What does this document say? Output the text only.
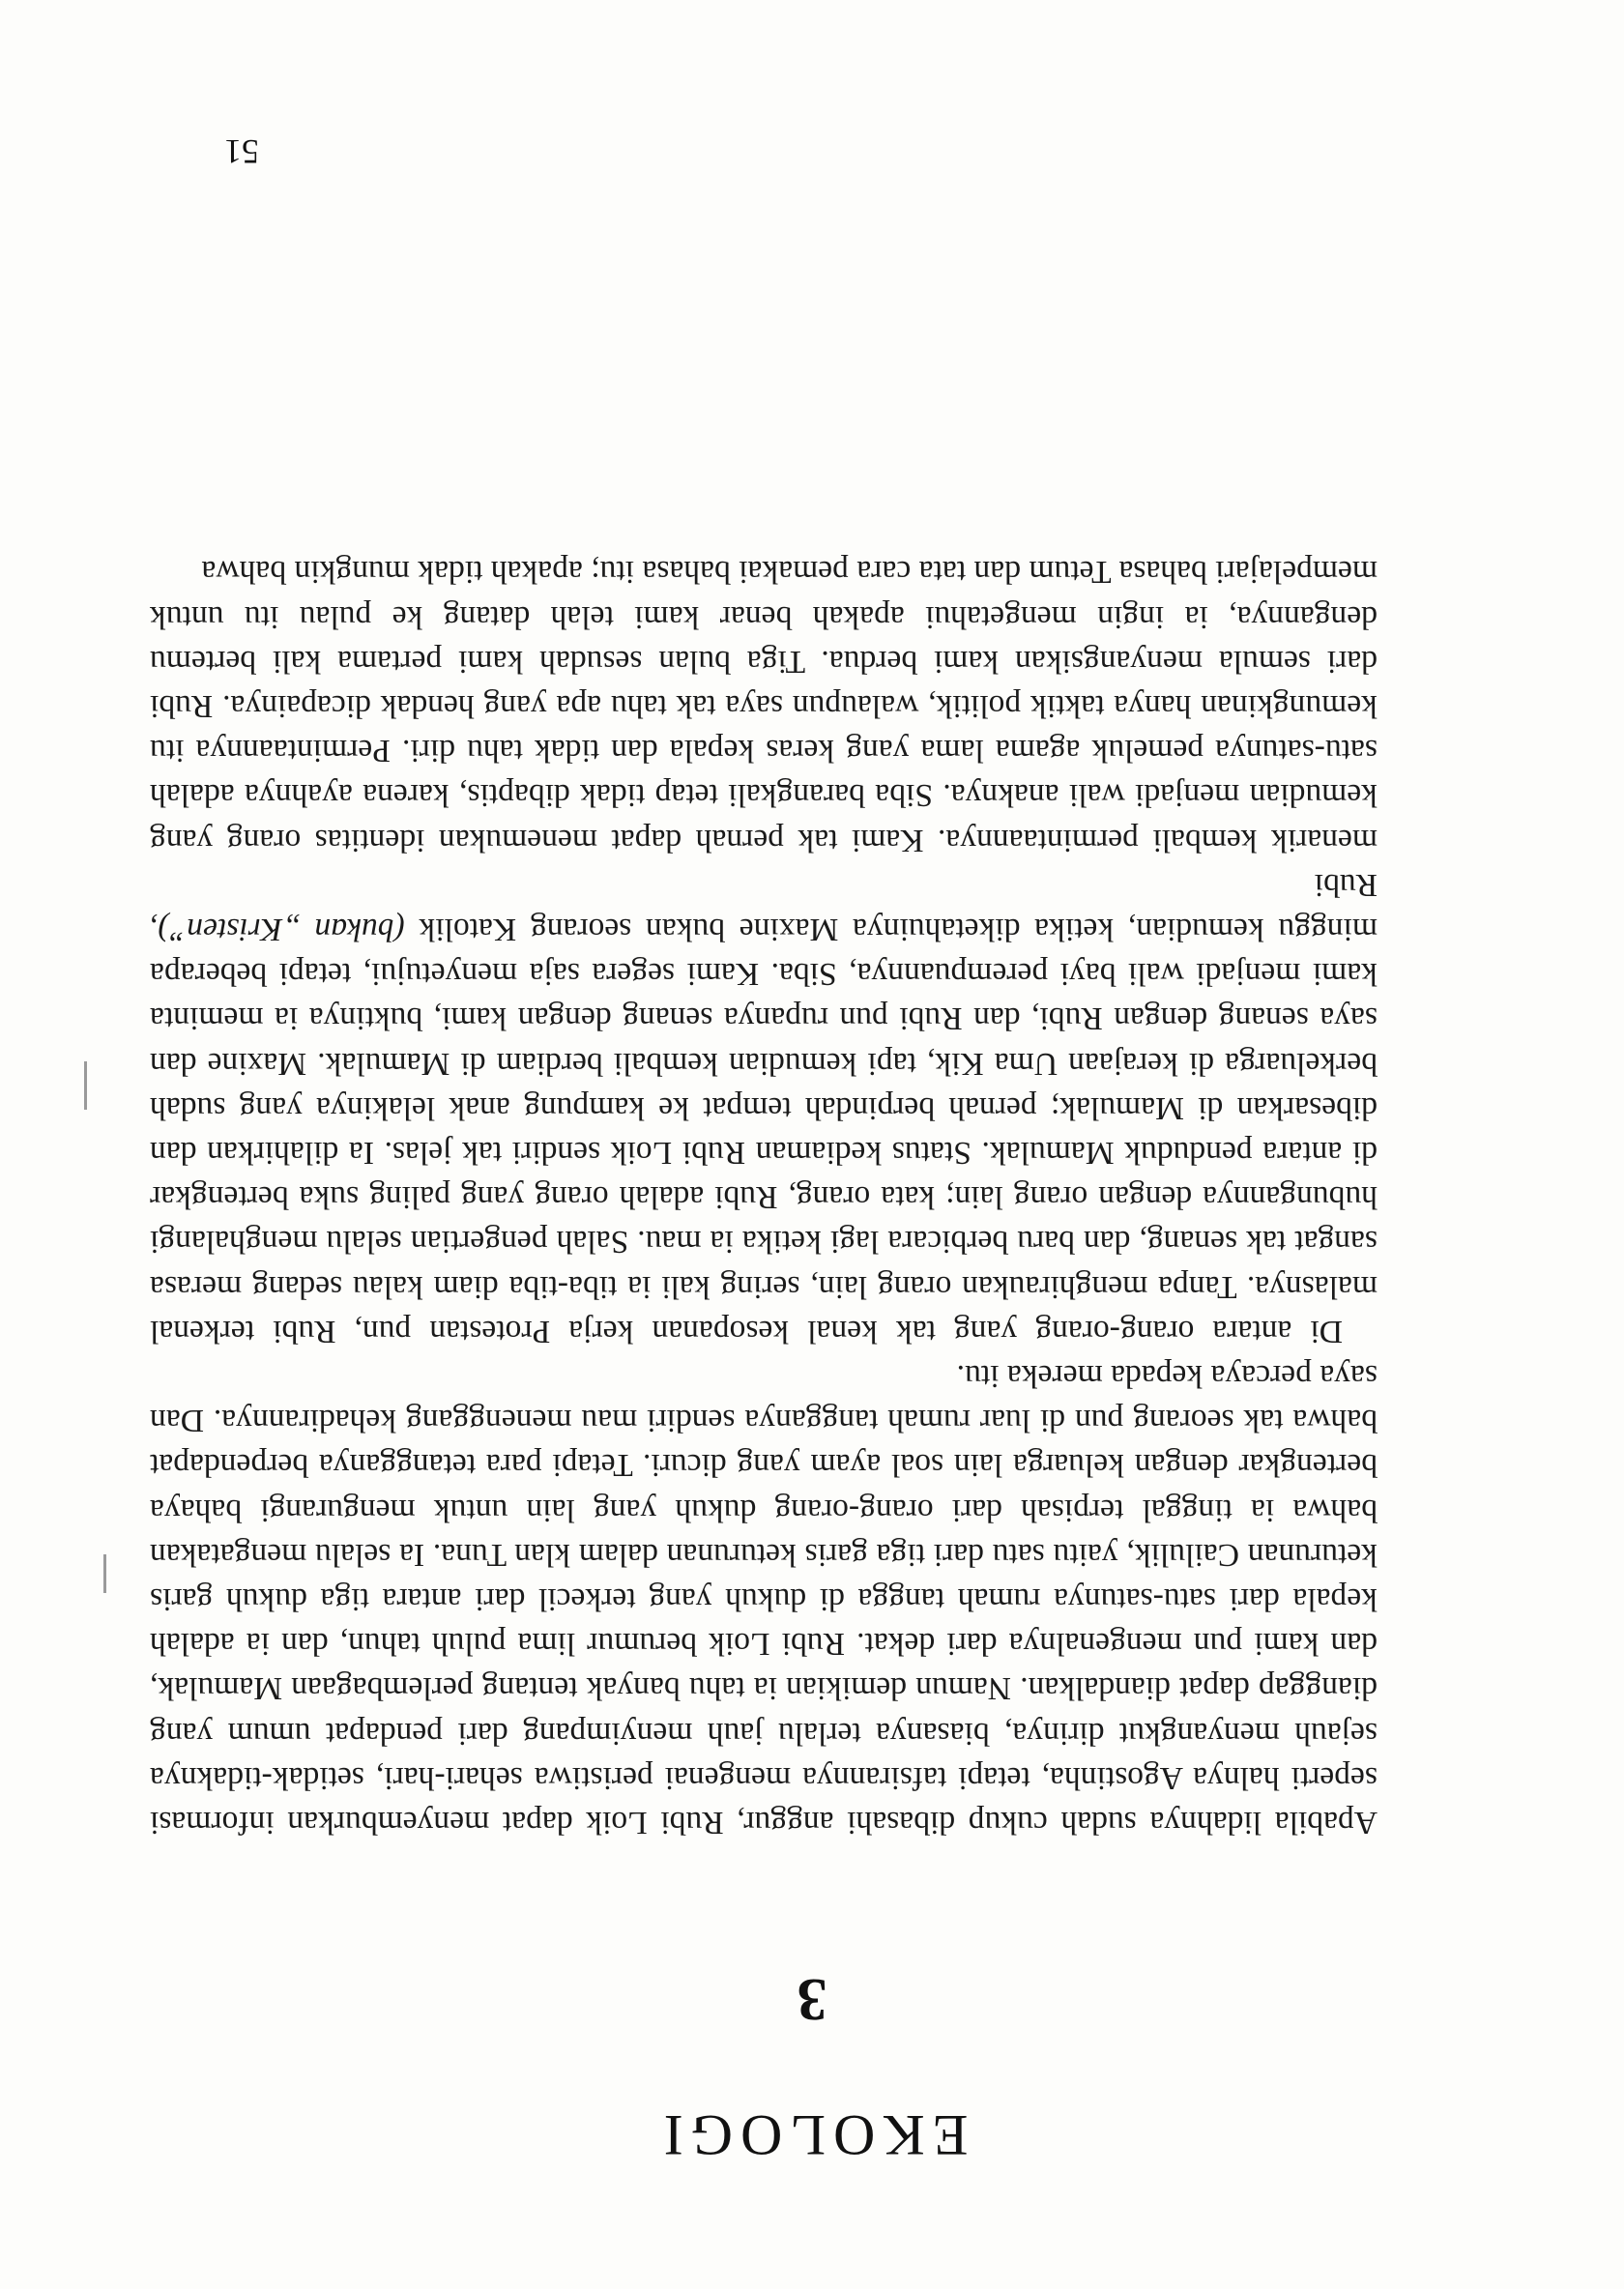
EKOLOGI
3

Apabila lidahnya sudah cukup dibasahi anggur, Rubi Loik dapat menyemburkan informasi seperti halnya Agostinha, tetapi tafsirannya mengenai peristiwa sehari-hari, setidak-tidaknya sejauh menyangkut dirinya, biasanya terlalu jauh menyimpang dari pendapat umum yang dianggap dapat diandalkan. Namun demikian ia tahu banyak tentang perlembagaan Mamulak, dan kami pun mengenalnya dari dekat. Rubi Loik berumur lima puluh tahun, dan ia adalah kepala dari satu-satunya rumah tangga di dukuh yang terkecil dari antara tiga dukuh garis keturunan Cailulik, yaitu satu dari tiga garis keturunan dalam klan Tuna. Ia selalu mengatakan bahwa ia tinggal terpisah dari orang-orang dukuh yang lain untuk mengurangi bahaya bertengkar dengan keluarga lain soal ayam yang dicuri. Tetapi para tetangganya berpendapat bahwa tak seorang pun di luar rumah tangganya sendiri mau menenggang kehadirannya. Dan saya percaya kepada mereka itu.

Di antara orang-orang yang tak kenal kesopanan kerja Protestan pun, Rubi terkenal malasnya. Tanpa menghiraukan orang lain, sering kali ia tiba-tiba diam kalau sedang merasa sangat tak senang, dan baru berbicara lagi ketika ia mau. Salah pengertian selalu menghalangi hubungannya dengan orang lain; kata orang, Rubi adalah orang yang paling suka bertengkar di antara penduduk Mamulak. Status kediaman Rubi Loik sendiri tak jelas. Ia dilahirkan dan dibesarkan di Mamulak; pernah berpindah tempat ke kampung anak lelakinya yang sudah berkeluarga di kerajaan Uma Kik, tapi kemudian kembali berdiam di Mamulak. Maxine dan saya senang dengan Rubi, dan Rubi pun rupanya senang dengan kami, buktinya ia meminta kami menjadi wali bayi perempuannya, Siba. Kami segera saja menyetujui, tetapi beberapa minggu kemudian, ketika diketahuinya Maxine bukan seorang Katolik (bukan „Kristen”), Rubi

menarik kembali permintaannya. Kami tak pernah dapat menemukan identitas orang yang kemudian menjadi wali anaknya. Siba barangkali tetap tidak dibaptis, karena ayahnya adalah satu-satunya pemeluk agama lama yang keras kepala dan tidak tahu diri. Permintaannya itu kemungkinan hanya taktik politik, walaupun saya tak tahu apa yang hendak dicapainya. Rubi dari semula menyangsikan kami berdua. Tiga bulan sesudah kami pertama kali bertemu dengannya, ia ingin mengetahui apakah benar kami telah datang ke pulau itu untuk mempelajari bahasa Tetum dan tata cara pemakai bahasa itu; apakah tidak mungkin bahwa

51
